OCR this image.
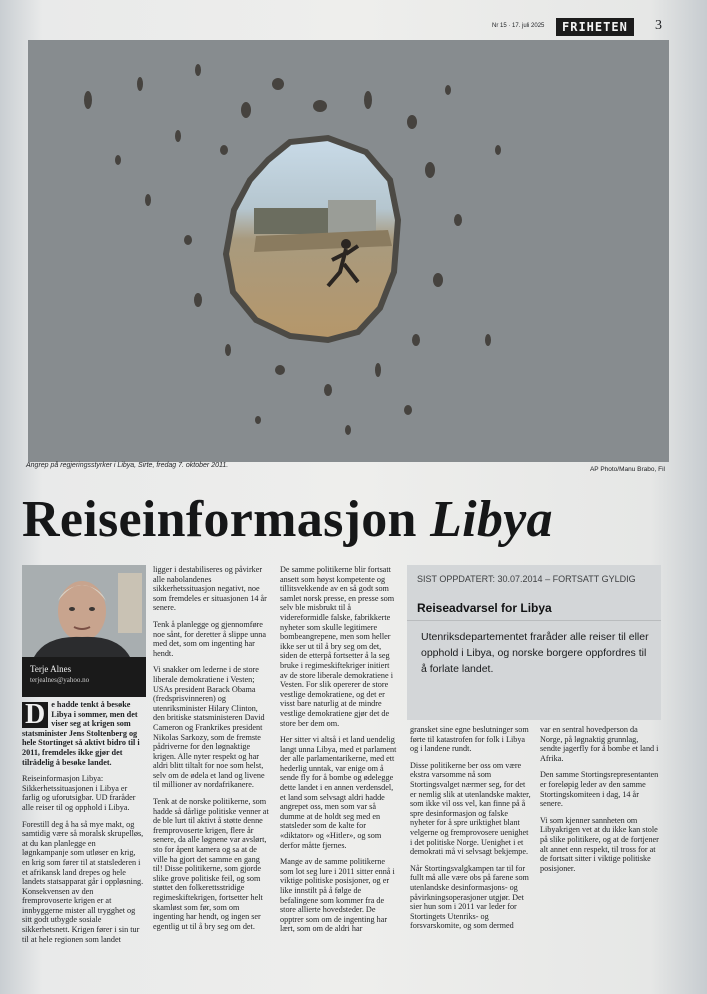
Nr 15 · 17. juli 2025	FRIHETEN	3
Angrep på regjeringsstyrker i Libya, Sirte, fredag 7. oktober 2011.
AP Photo/Manu Brabo, Fil
Reiseinformasjon Libya
Terje Alnes
terjealnes@yahoo.no

D e hadde tenkt å besøke Libya i sommer, men det viser seg at krigen som statsminister Jens Stoltenberg og hele Stortinget så aktivt bidro til i 2011, fremdeles ikke gjør det tilrådelig å besøke landet.

Reiseinformasjon Libya: Sikkerhetssituasjonen i Libya er farlig og uforutsigbar. UD fraråder alle reiser til og opphold i Libya.

Forestill deg å ha så mye makt, og samtidig være så moralsk skrupelløs, at du kan planlegge en løgnkampanje som utløser en krig, en krig som fører til at statslederen i et afrikansk land drepes og hele landets statsapparat går i oppløsning. Konsekvensen av den fremprovoserte krigen er at innbyggerne mister all trygghet og sitt godt utbygde sosiale sikkerhetsnett. Krigen fører i sin tur til at hele regionen som landet

ligger i destabiliseres og påvirker alle nabolandenes sikkerhetssituasjon negativt, noe som fremdeles er situasjonen 14 år senere.

Tenk å planlegge og gjennomføre noe sånt, for deretter å slippe unna med det, som om ingenting har hendt.

Vi snakker om lederne i de store liberale demokratiene i Vesten; USAs president Barack Obama (fredsprisvinneren) og utenriksminister Hilary Clinton, den britiske statsministeren David Cameron og Frankrikes president Nikolas Sarkozy, som de fremste pådriverne for den løgnaktige krigen. Alle nyter respekt og har aldri blitt tiltalt for noe som helst, selv om de ødela et land og livene til millioner av nordafrikanere.

Tenk at de norske politikerne, som hadde så dårlige politiske venner at de ble lurt til aktivt å støtte denne fremprovoserte krigen, flere år senere, da alle løgnene var avslørt, sto for åpent kamera og sa at de ville ha gjort det samme en gang til! Disse politikerne, som gjorde slike grove politiske feil, og som støttet den folkerettsstridige regimeskiftekrigen, fortsetter helt skamløst som før, som om ingenting har hendt, og ingen ser egentlig ut til å bry seg om det.

De samme politikerne blir fortsatt ansett som høyst kompetente og tillitsvekkende av en så godt som samlet norsk presse, en presse som selv ble misbrukt til å videreformidle falske, fabrikkerte nyheter som skulle legitimere bombeangrepene, men som heller ikke ser ut til å bry seg om det, siden de etterpå fortsetter å la seg bruke i regimeskiftekriger initiert av de store liberale demokratiene i Vesten. For slik opererer de store vestlige demokratiene, og det er visst bare naturlig at de mindre vestlige demokratiene gjør det de store ber dem om.

Her sitter vi altså i et land uendelig langt unna Libya, med et parlament der alle parlamentarikerne, med ett hederlig unntak, var enige om å sende fly for å bombe og ødelegge dette landet i en annen verdensdel, et land som selvsagt aldri hadde angrepet oss, men som var så dumme at de holdt seg med en statsleder som de kalte for «diktator» og «Hitler», og som derfor måtte fjernes.

Mange av de samme politikerne som lot seg lure i 2011 sitter ennå i viktige politiske posisjoner, og er like innstilt på å følge de befalingene som kommer fra de store allierte hovedsteder. De opptrer som om de ingenting har lært, som om de aldri har

SIST OPPDATERT: 30.07.2014 – FORTSATT GYLDIG
Reiseadvarsel for Libya
Utenriksdepartementet fraråder alle reiser til eller opphold i Libya, og norske borgere oppfordres til å forlate landet.

gransket sine egne beslutninger som førte til katastrofen for folk i Libya og i landene rundt.

Disse politikerne ber oss om være ekstra varsomme nå som Stortingsvalget nærmer seg, for det er nemlig slik at utenlandske makter, som ikke vil oss vel, kan finne på å spre desinformasjon og falske nyheter for å spre uriktighet blant velgerne og fremprovosere uenighet i det politiske Norge. Uenighet i et demokrati må vi selvsagt bekjempe.

Når Stortingsvalgkampen tar til for fullt må alle være obs på farene som utenlandske desinformasjons- og påvirkningsoperasjoner utgjør. Det sier hun som i 2011 var leder for Stortingets Utenriks- og forsvarskomite, og som dermed

var en sentral hovedperson da Norge, på løgnaktig grunnlag, sendte jagerfly for å bombe et land i Afrika.

Den samme Stortingsrepresentanten er foreløpig leder av den samme Stortingskomiteen i dag, 14 år senere.

Vi som kjenner sannheten om Libyakrigen vet at du ikke kan stole på slike politikere, og at de fortjener alt annet enn respekt, til tross for at de fortsatt sitter i viktige politiske posisjoner.
